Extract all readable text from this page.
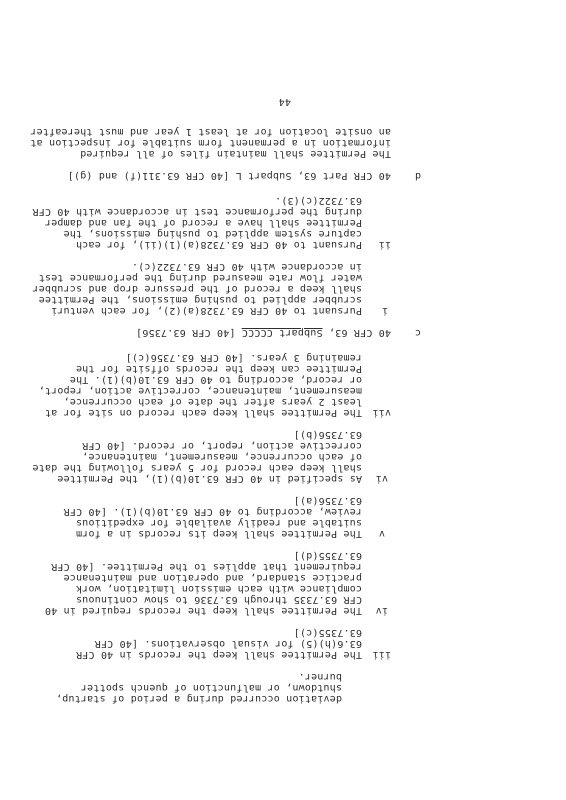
deviation occurred during a period of startup,
shutdown, or malfunction of quench spotter
burner.
iii
The Permittee shall keep the records in 40 CFR
63.6(h)(5) for visual observations. [40 CFR
63.7355(c)]
iv
The Permittee shall keep the records required in 40
CFR 63.7335 through 63.7336 to show continuous
compliance with each emission limitation, work
practice standard, and operation and maintenance
requirement that applies to the Permittee. [40 CFR
63.7355(d)]
v
The Permittee shall keep its records in a form
suitable and readily available for expeditious
review, according to 40 CFR 63.10(b)(1). [40 CFR
63.7356(a)]
vi
As specified in 40 CFR 63.10(b)(1), the Permittee
shall keep each record for 5 years following the date
of each occurrence, measurement, maintenance,
corrective action, report, or record. [40 CFR
63.7356(b)]
vii
The Permittee shall keep each record on site for at
least 2 years after the date of each occurrence,
measurement, maintenance, corrective action, report,
or record, according to 40 CFR 63.10(b)(1). The
Permittee can keep the records offsite for the
remaining 3 years. [40 CFR 63.7356(c)]
c
40 CFR 63, Subpart CCCCC [40 CFR 63.7356]
i
Pursuant to 40 CFR 63.7328(a)(2), for each venturi
scrubber applied to pushing emissions, the Permittee
shall keep a record of the pressure drop and scrubber
water flow rate measured during the performance test
in accordance with 40 CFR 63.7322(c).
ii
Pursuant to 40 CFR 63.7328(a)(1)(ii), for each
capture system applied to pushing emissions, the
Permittee shall have a record of the fan and damper
during the performance test in accordance with 40 CFR
63.7322(c)(3).
d
40 CFR Part 63, Subpart L [40 CFR 63.311(f) and (g)]
The Permittee shall maintain files of all required
information in a permanent form suitable for inspection at
an onsite location for at least 1 year and must thereafter
44
